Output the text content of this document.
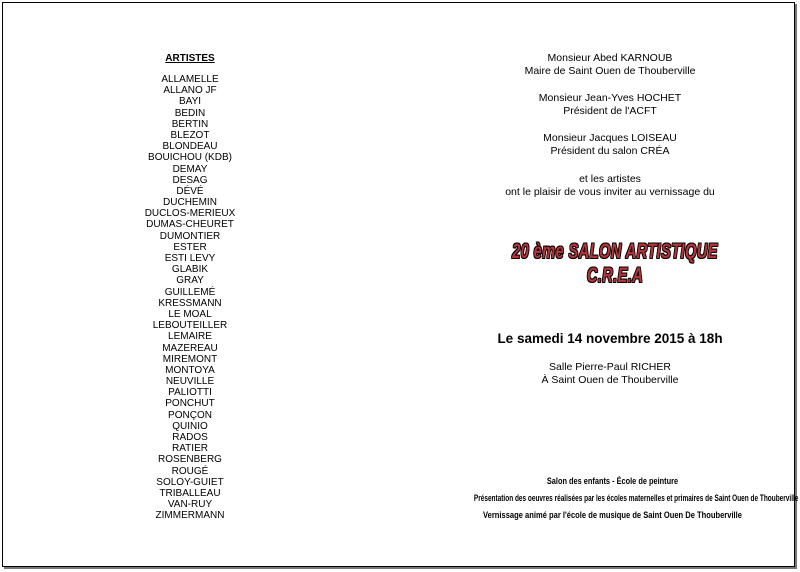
ARTISTES
ALLAMELLE
ALLANO JF
BAYI
BEDIN
BERTIN
BLEZOT
BLONDEAU
BOUICHOU (KDB)
DEMAY
DESAG
DÉVÉ
DUCHEMIN
DUCLOS-MERIEUX
DUMAS-CHEURET
DUMONTIER
ESTER
ESTI LEVY
GLABIK
GRAY
GUILLEMÉ
KRESSMANN
LE MOAL
LEBOUTEILLER
LEMAIRE
MAZEREAU
MIREMONT
MONTOYA
NEUVILLE
PALIOTTI
PONCHUT
PONÇON
QUINIO
RADOS
RATIER
ROSENBERG
ROUGÉ
SOLOY-GUIET
TRIBALLEAU
VAN-RUY
ZIMMERMANN
Monsieur Abed KARNOUB
Maire de Saint Ouen de Thouberville
Monsieur Jean-Yves HOCHET
Président de l'ACFT
Monsieur Jacques LOISEAU
Président du salon CRÉA
et les artistes
ont le plaisir de vous inviter au vernissage du
20 ème SALON ARTISTIQUE C.R.E.A
Le samedi 14 novembre 2015 à 18h
Salle Pierre-Paul RICHER
À Saint Ouen de Thouberville
Salon des enfants - École de peinture
Présentation des oeuvres réalisées par les écoles maternelles et primaires de Saint Ouen de Thouberville
Vernissage animé par l'école de musique de Saint Ouen De Thouberville
